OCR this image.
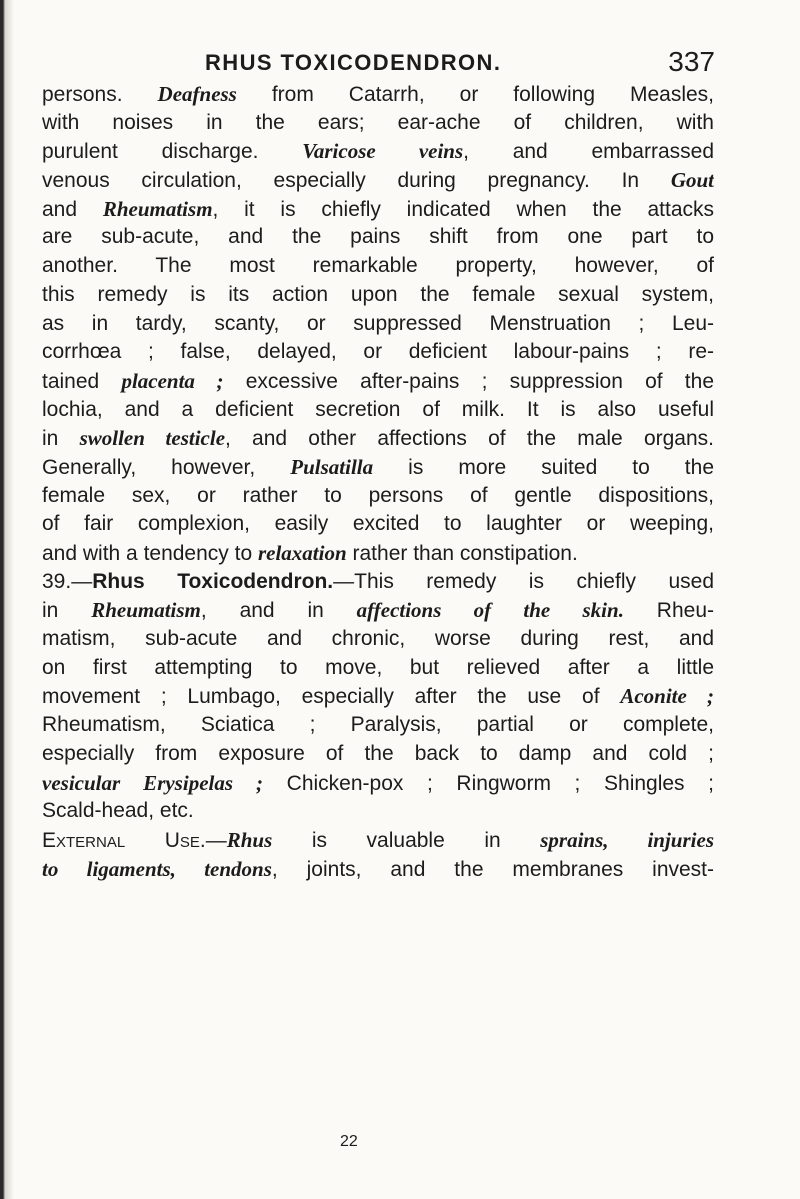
RHUS TOXICODENDRON.	337
persons. Deafness from Catarrh, or following Measles,
with noises in the ears; ear-ache of children, with
purulent discharge. Varicose veins, and embarrassed
venous circulation, especially during pregnancy. In Gout
and Rheumatism, it is chiefly indicated when the attacks
are sub-acute, and the pains shift from one part to
another. The most remarkable property, however, of
this remedy is its action upon the female sexual system,
as in tardy, scanty, or suppressed Menstruation ; Leu-
corrhœa ; false, delayed, or deficient labour-pains ; re-
tained placenta ; excessive after-pains ; suppression of the
lochia, and a deficient secretion of milk. It is also useful
in swollen testicle, and other affections of the male organs.
Generally, however, Pulsatilla is more suited to the
female sex, or rather to persons of gentle dispositions,
of fair complexion, easily excited to laughter or weeping,
and with a tendency to relaxation rather than constipation.
39.—Rhus Toxicodendron.—This remedy is chiefly used
in Rheumatism, and in affections of the skin. Rheu-
matism, sub-acute and chronic, worse during rest, and
on first attempting to move, but relieved after a little
movement ; Lumbago, especially after the use of Aconite ;
Rheumatism, Sciatica ; Paralysis, partial or complete,
especially from exposure of the back to damp and cold ;
vesicular Erysipelas ; Chicken-pox ; Ringworm ; Shingles ;
Scald-head, etc.
External Use.—Rhus is valuable in sprains, injuries
to ligaments, tendons, joints, and the membranes invest-
22
